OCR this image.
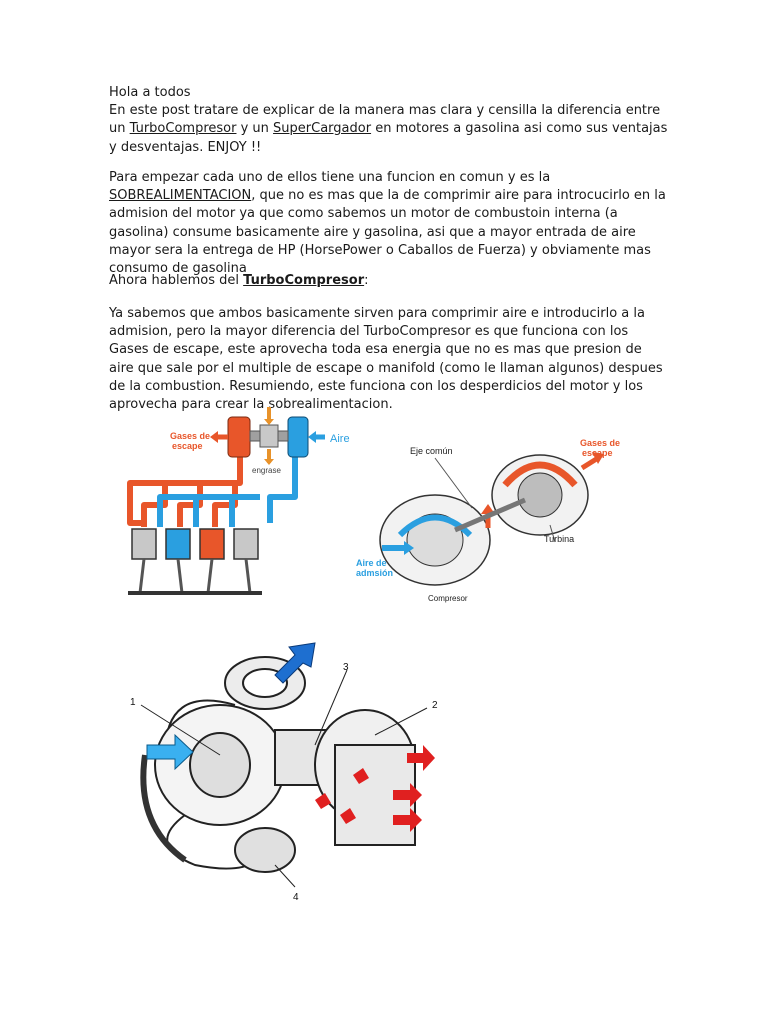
Hola a todos

En este post tratare de explicar de la manera mas clara y censilla la diferencia entre un TurboCompresor y un SuperCargador en motores a gasolina asi como sus ventajas y desventajas. ENJOY !!

Para empezar cada uno de ellos tiene una funcion en comun y es la SOBREALIMENTACION, que no es mas que la de comprimir aire para introcucirlo en la admision del motor ya que como sabemos un motor de combustoin interna (a gasolina) consume basicamente aire y gasolina, asi que a mayor entrada de aire mayor sera la entrega de HP (HorsePower o Caballos de Fuerza) y obviamente mas consumo de gasolina

Ahora hablemos del TurboCompresor:

Ya sabemos que ambos basicamente sirven para comprimir aire e introducirlo a la admision, pero la mayor diferencia del TurboCompresor es que funciona con los Gases de escape, este aprovecha toda esa energia que no es mas que presion de aire que sale por el multiple de escape o manifold (como le llaman algunos) despues de la combustion. Resumiendo, este funciona con los desperdicios del motor y los aprovecha para crear la sobrealimentacion.

Gases de
escape
Aire
engrase
Eje común
Gases de
escape
Turbina
Aire de
admsión
Compresor
1	2
3
4
